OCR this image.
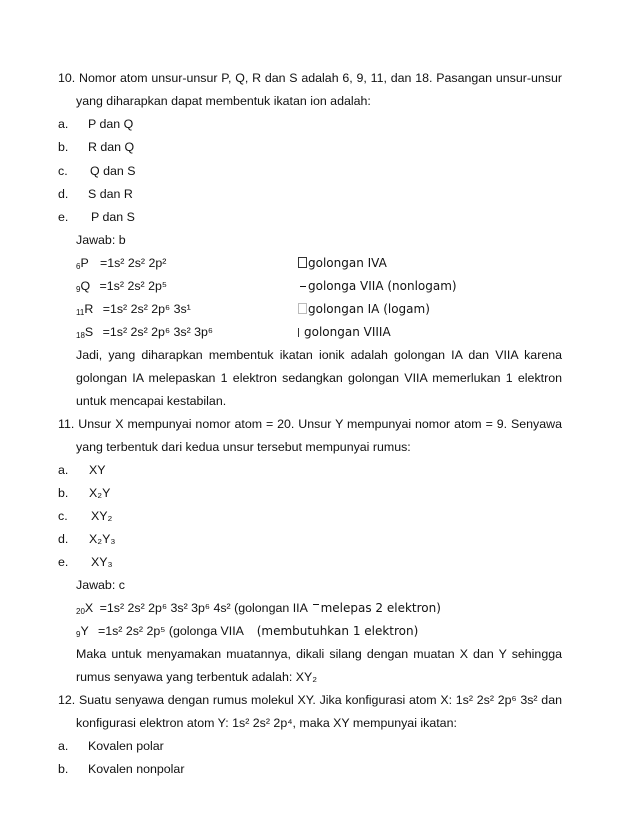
10. Nomor atom unsur-unsur P, Q, R dan S adalah 6, 9, 11, dan 18. Pasangan unsur-unsur
yang diharapkan dapat membentuk ikatan ion adalah:
a. P dan Q
b. R dan Q
c. Q dan S
d. S dan R
e. P dan S
Jawab: b
6P =1s² 2s² 2p²	golongan IVA
9Q =1s² 2s² 2p⁵	golonga VIIA (nonlogam)
11R =1s² 2s² 2p⁶ 3s¹	golongan IA (logam)
18S =1s² 2s² 2p⁶ 3s² 3p⁶	golongan VIIIA
Jadi, yang diharapkan membentuk ikatan ionik adalah golongan IA dan VIIA karena
golongan IA melepaskan 1 elektron sedangkan golongan VIIA memerlukan 1 elektron
untuk mencapai kestabilan.
11. Unsur X mempunyai nomor atom = 20. Unsur Y mempunyai nomor atom = 9. Senyawa
yang terbentuk dari kedua unsur tersebut mempunyai rumus:
a. XY
b. X₂Y
c. XY₂
d. X₂Y₃
e. XY₃
Jawab: c
20X =1s² 2s² 2p⁶ 3s² 3p⁶ 4s² (golongan IIA melepas 2 elektron)
9Y =1s² 2s² 2p⁵ (golonga VIIA (membutuhkan 1 elektron)
Maka untuk menyamakan muatannya, dikali silang dengan muatan X dan Y sehingga
rumus senyawa yang terbentuk adalah: XY₂
12. Suatu senyawa dengan rumus molekul XY. Jika konfigurasi atom X: 1s² 2s² 2p⁶ 3s² dan
konfigurasi elektron atom Y: 1s² 2s² 2p⁴, maka XY mempunyai ikatan:
a. Kovalen polar
b. Kovalen nonpolar
